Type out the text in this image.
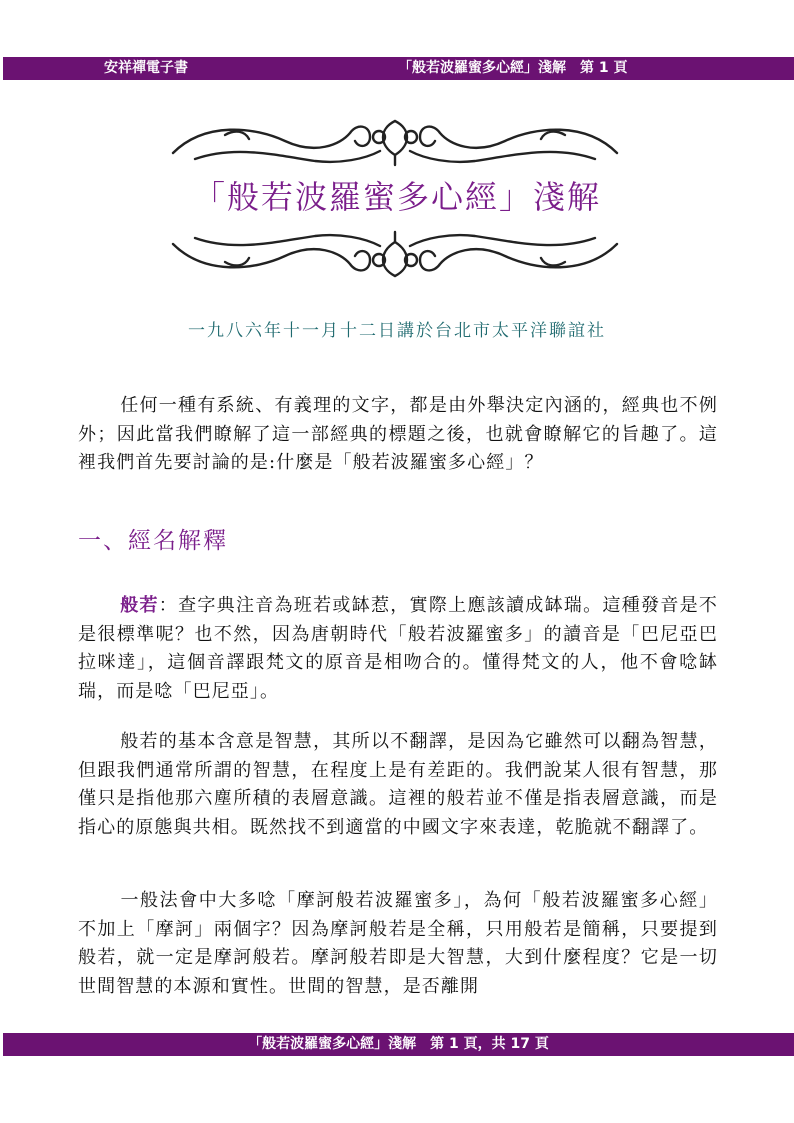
安祥禪電子書	「般若波羅蜜多心經」淺解　第 1 頁
「般若波羅蜜多心經」淺解
一九八六年十一月十二日講於台北市太平洋聯誼社

任何一種有系統、有義理的文字，都是由外舉決定內涵的，經典也不例外；因此當我們瞭解了這一部經典的標題之後，也就會瞭解它的旨趣了。這裡我們首先要討論的是:什麼是「般若波羅蜜多心經」？

一、經名解釋

般若：查字典注音為班若或缽惹，實際上應該讀成缽瑞。這種發音是不是很標準呢？也不然，因為唐朝時代「般若波羅蜜多」的讀音是「巴尼亞巴拉咪達」，這個音譯跟梵文的原音是相吻合的。懂得梵文的人，他不會唸缽瑞，而是唸「巴尼亞」。

般若的基本含意是智慧，其所以不翻譯，是因為它雖然可以翻為智慧，但跟我們通常所謂的智慧，在程度上是有差距的。我們說某人很有智慧，那僅只是指他那六塵所積的表層意識。這裡的般若並不僅是指表層意識，而是指心的原態與共相。既然找不到適當的中國文字來表達，乾脆就不翻譯了。

一般法會中大多唸「摩訶般若波羅蜜多」，為何「般若波羅蜜多心經」不加上「摩訶」兩個字？因為摩訶般若是全稱，只用般若是簡稱，只要提到般若，就一定是摩訶般若。摩訶般若即是大智慧，大到什麼程度？它是一切世間智慧的本源和實性。世間的智慧，是否離開

「般若波羅蜜多心經」淺解　第 1 頁，共 17 頁
